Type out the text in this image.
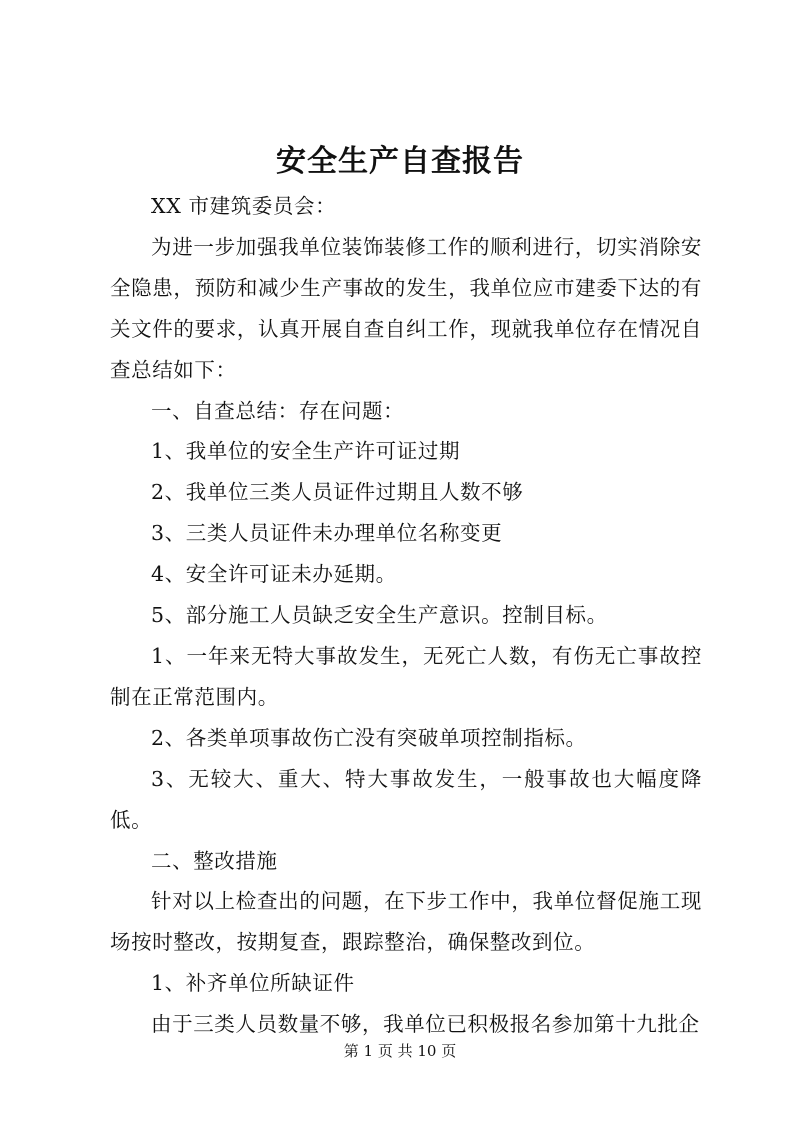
安全生产自查报告

XX 市建筑委员会：

为进一步加强我单位装饰装修工作的顺利进行，切实消除安全隐患，预防和减少生产事故的发生，我单位应市建委下达的有关文件的要求，认真开展自查自纠工作，现就我单位存在情况自查总结如下：

一、自查总结：存在问题：

1、我单位的安全生产许可证过期

2、我单位三类人员证件过期且人数不够

3、三类人员证件未办理单位名称变更

4、安全许可证未办延期。

5、部分施工人员缺乏安全生产意识。控制目标。

1、一年来无特大事故发生，无死亡人数，有伤无亡事故控制在正常范围内。

2、各类单项事故伤亡没有突破单项控制指标。

3、无较大、重大、特大事故发生，一般事故也大幅度降低。

二、整改措施

针对以上检查出的问题，在下步工作中，我单位督促施工现场按时整改，按期复查，跟踪整治，确保整改到位。

1、补齐单位所缺证件

由于三类人员数量不够，我单位已积极报名参加第十九批企

第 1 页 共 10 页
